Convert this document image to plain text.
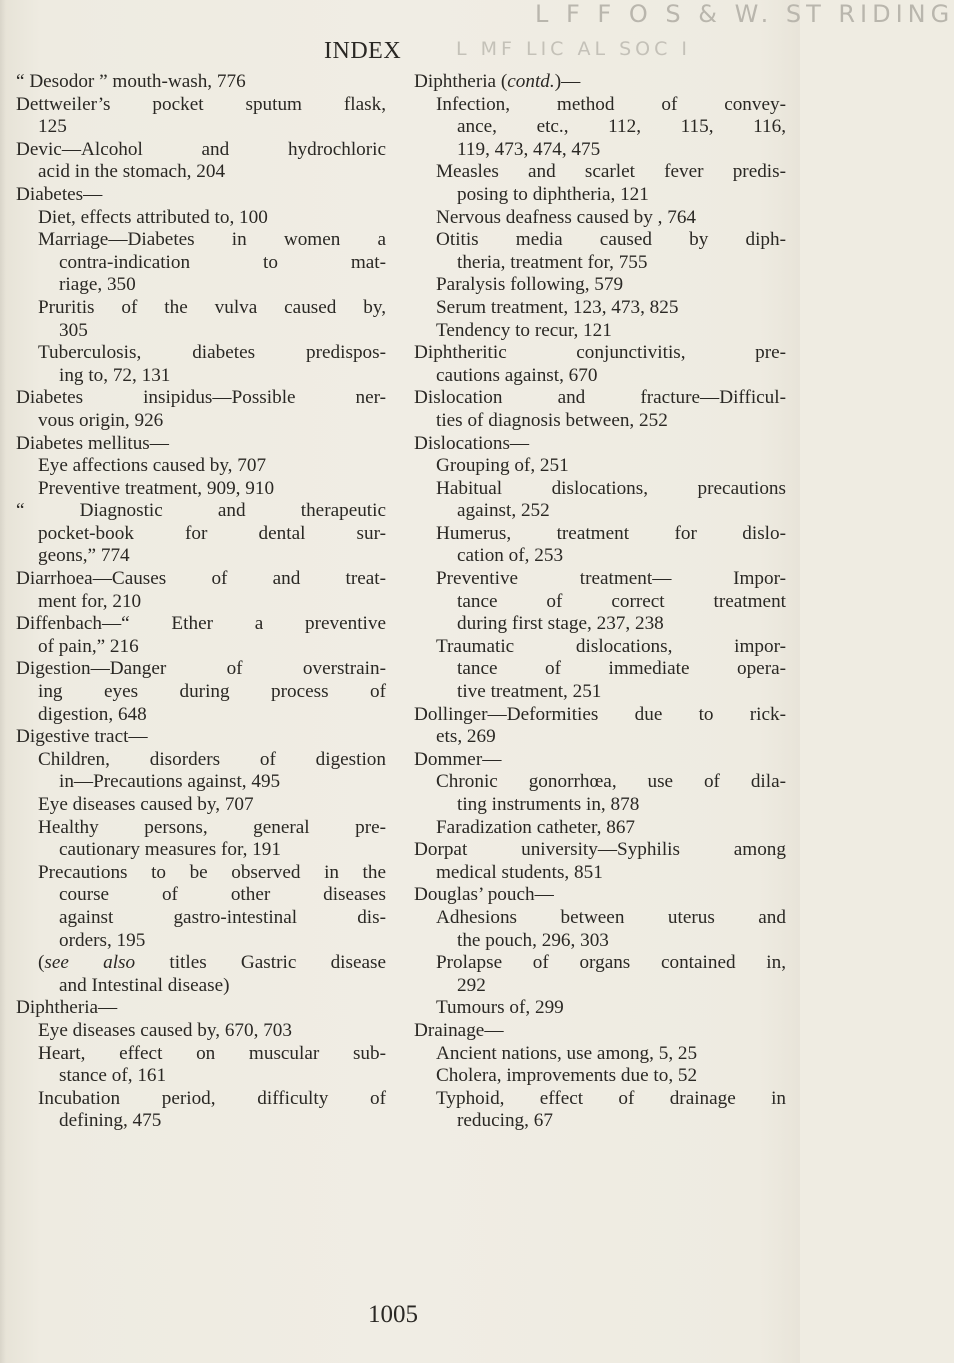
L F F O S & W. ST RIDING
INDEX	L MF LIC AL SOC I
“ Desodor ” mouth-wash, 776
Dettweiler’s pocket sputum flask,
125
Devic—Alcohol and hydrochloric
acid in the stomach, 204
Diabetes—
Diet, effects attributed to, 100
Marriage—Diabetes in women a
contra-indication to mat-
riage, 350
Pruritis of the vulva caused by,
305
Tuberculosis, diabetes predispos-
ing to, 72, 131
Diabetes insipidus—Possible ner-
vous origin, 926
Diabetes mellitus—
Eye affections caused by, 707
Preventive treatment, 909, 910
“ Diagnostic and therapeutic
pocket-book for dental sur-
geons,” 774
Diarrhoea—Causes of and treat-
ment for, 210
Diffenbach—“ Ether a preventive
of pain,” 216
Digestion—Danger of overstrain-
ing eyes during process of
digestion, 648
Digestive tract—
Children, disorders of digestion
in—Precautions against, 495
Eye diseases caused by, 707
Healthy persons, general pre-
cautionary measures for, 191
Precautions to be observed in the
course of other diseases
against gastro-intestinal dis-
orders, 195
(see also titles Gastric disease
and Intestinal disease)
Diphtheria—
Eye diseases caused by, 670, 703
Heart, effect on muscular sub-
stance of, 161
Incubation period, difficulty of
defining, 475
Diphtheria (contd.)—
Infection, method of convey-
ance, etc., 112, 115, 116,
119, 473, 474, 475
Measles and scarlet fever predis-
posing to diphtheria, 121
Nervous deafness caused by , 764
Otitis media caused by diph-
theria, treatment for, 755
Paralysis following, 579
Serum treatment, 123, 473, 825
Tendency to recur, 121
Diphtheritic conjunctivitis, pre-
cautions against, 670
Dislocation and fracture—Difficul-
ties of diagnosis between, 252
Dislocations—
Grouping of, 251
Habitual dislocations, precautions
against, 252
Humerus, treatment for dislo-
cation of, 253
Preventive treatment— Impor-
tance of correct treatment
during first stage, 237, 238
Traumatic dislocations, impor-
tance of immediate opera-
tive treatment, 251
Dollinger—Deformities due to rick-
ets, 269
Dommer—
Chronic gonorrhœa, use of dila-
ting instruments in, 878
Faradization catheter, 867
Dorpat university—Syphilis among
medical students, 851
Douglas’ pouch—
Adhesions between uterus and
the pouch, 296, 303
Prolapse of organs contained in,
292
Tumours of, 299
Drainage—
Ancient nations, use among, 5, 25
Cholera, improvements due to, 52
Typhoid, effect of drainage in
reducing, 67
1005
